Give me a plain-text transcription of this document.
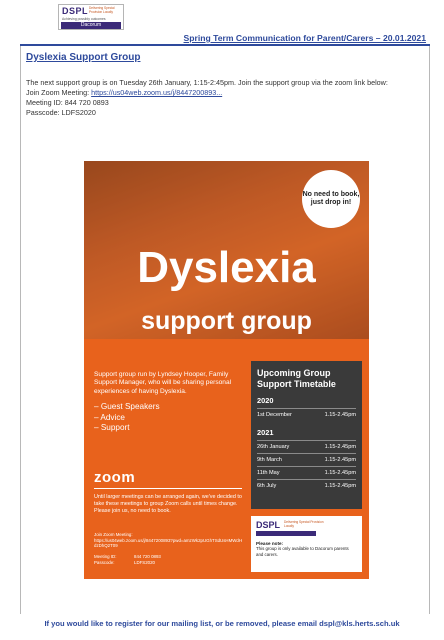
DSPL Delivering Special Provision Locally
Achieving possibly outcomes
Dacorum
Spring Term Communication for Parent/Carers – 20.01.2021
Dyslexia Support Group
The next support group is on Tuesday 26th January, 1:15-2:45pm. Join the support group via the zoom link below:
Join Zoom Meeting: https://us04web.zoom.us/j/8447200893...
Meeting ID: 844 720 0893
Passcode: LDFS2020
No need to book, just drop in!
Dyslexia
support group
Support group run by Lyndsey Hooper, Family Support Manager, who will be sharing personal experiences of having Dyslexia.
– Guest Speakers
– Advice
– Support
zoom
Until larger meetings can be arranged again, we've decided to take these meetings to group Zoom calls until times change. Please join us, no need to book.
Join Zoom Meeting:
https://us04web.zoom.us/j/8447200893?pwd=amzWk2pUGhTSdUsHMWdHdzDhQ2T09
Meeting ID:	844 720 0893
Passcode:	LDFS2020
Upcoming Group Support Timetable
2020
1st December	1.15-2.45pm
2021
26th January	1.15-2.45pm
9th March	1.15-2.45pm
11th May	1.15-2.45pm
6th July	1.15-2.45pm
DSPL	Delivering Special Provision Locally
Please note:
This group is only available to Dacorum parents and carers.
If you would like to register for our mailing list, or be removed, please email dspl@kls.herts.sch.uk
